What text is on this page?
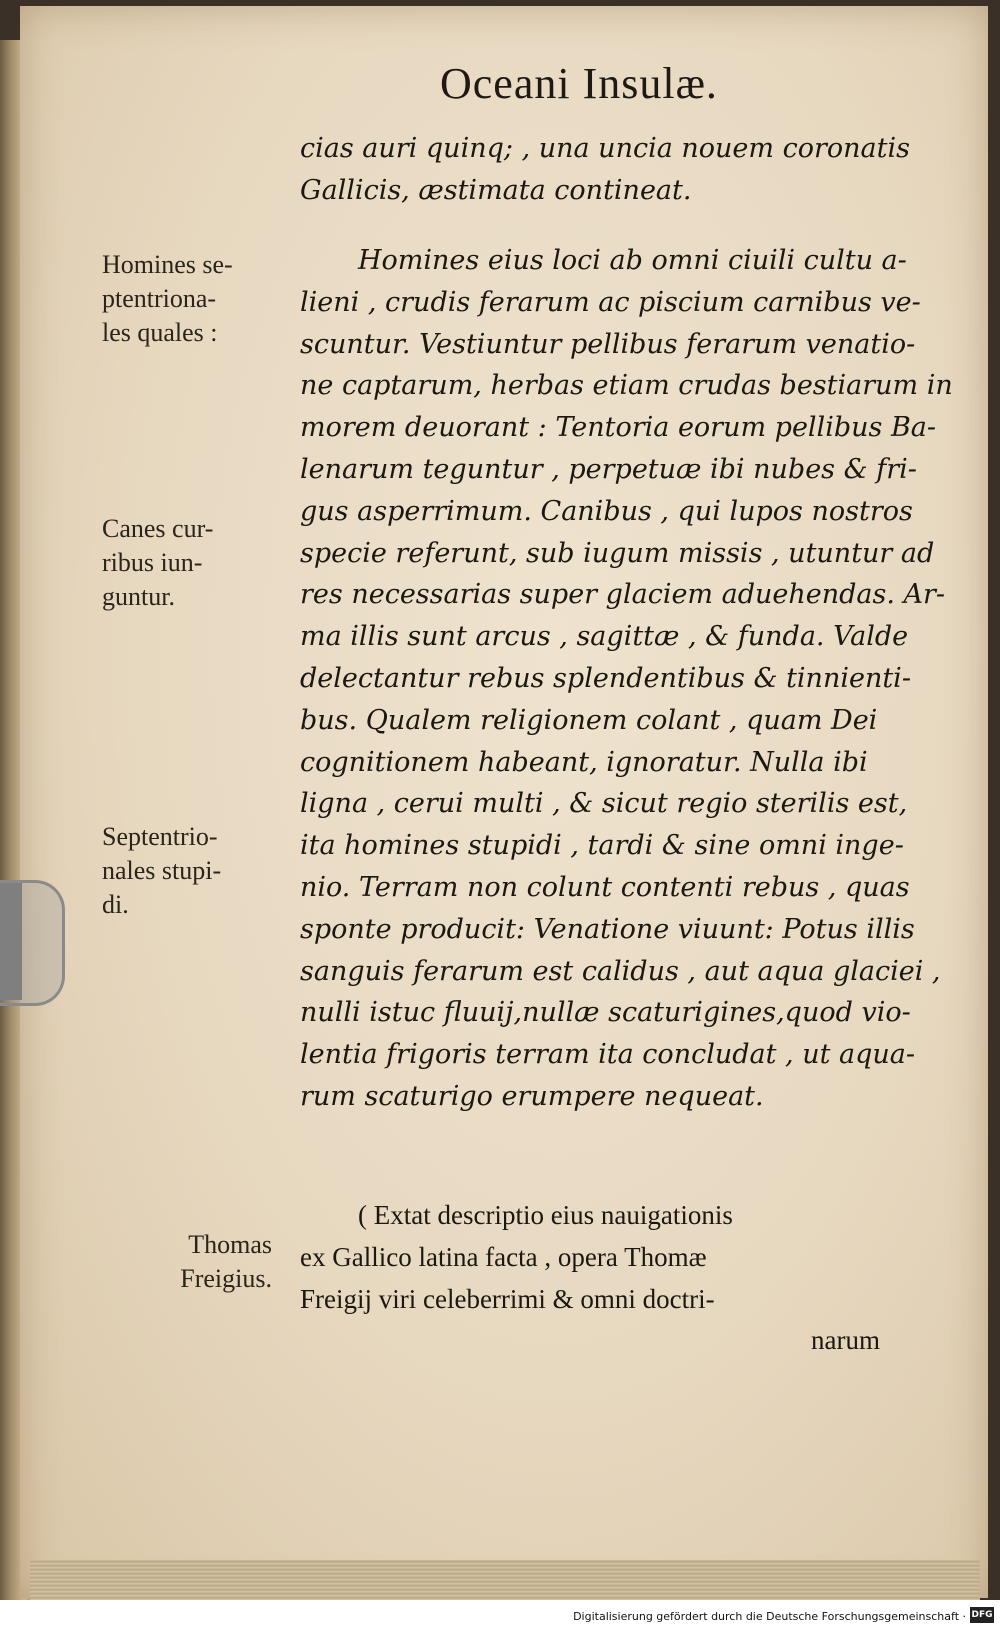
Oceani Insulæ.
cias auri quinq; , una uncia nouem coronatis
Gallicis, æstimata contineat.
Homines eius loci ab omni ciuili cultu a-
lieni , crudis ferarum ac piscium carnibus ve-
scuntur. Vestiuntur pellibus ferarum venatio-
ne captarum, herbas etiam crudas bestiarum in
morem deuorant : Tentoria eorum pellibus Ba-
lenarum teguntur , perpetuæ ibi nubes & fri-
gus asperrimum. Canibus , qui lupos nostros
specie referunt, sub iugum missis , utuntur ad
res necessarias super glaciem aduehendas. Ar-
ma illis sunt arcus , sagittæ , & funda. Valde
delectantur rebus splendentibus & tinnienti-
bus. Qualem religionem colant , quam Dei
cognitionem habeant, ignoratur. Nulla ibi
ligna , cerui multi , & sicut regio sterilis est,
ita homines stupidi , tardi & sine omni inge-
nio. Terram non colunt contenti rebus , quas
sponte producit: Venatione viuunt: Potus illis
sanguis ferarum est calidus , aut aqua glaciei ,
nulli istuc fluuij,nullæ scaturigines,quod vio-
lentia frigoris terram ita concludat , ut aqua-
rum scaturigo erumpere nequeat.
( Extat descriptio eius nauigationis
ex Gallico latina facta , opera Thomæ
Freigij viri celeberrimi & omni doctri-
narum
Homines se-
ptentriona-
les quales :
Canes cur-
ribus iun-
guntur.
Septentrio-
nales stupi-
di.
Thomas
Freigius.
Digitalisierung gefördert durch die Deutsche Forschungsgemeinschaft · DFG
